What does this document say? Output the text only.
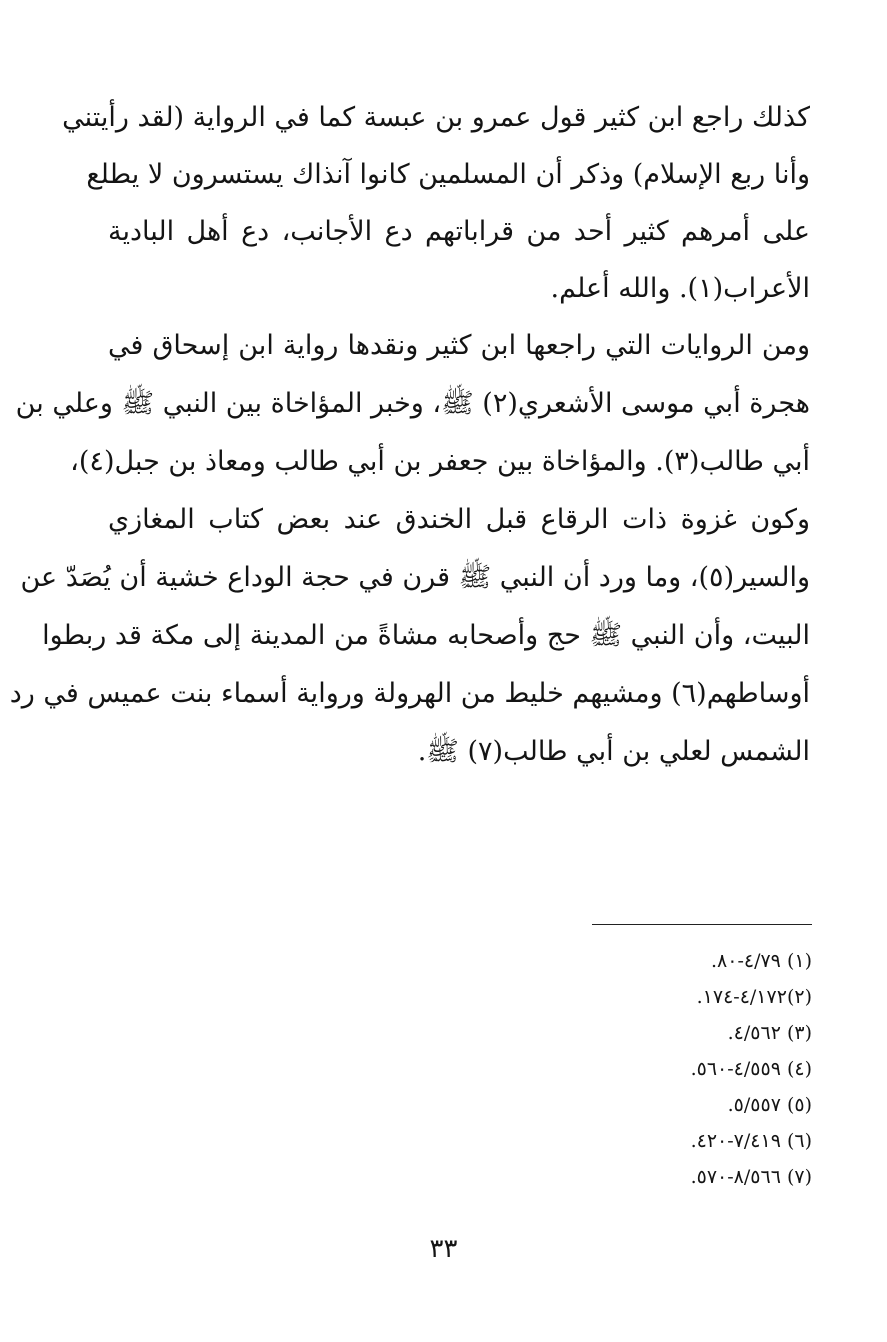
كذلك راجع ابن كثير قول عمرو بن عبسة كما في الرواية (لقد رأيتني
وأنا ربع الإسلام) وذكر أن المسلمين كانوا آنذاك يستسرون لا يطلع
على أمرهم كثير أحد من قراباتهم دع الأجانب، دع أهل البادية
الأعراب(١). والله أعلم.
ومن الروايات التي راجعها ابن كثير ونقدها رواية ابن إسحاق في
هجرة أبي موسى الأشعري(٢) ﷺ، وخبر المؤاخاة بين النبي ﷺ وعلي بن
أبي طالب(٣). والمؤاخاة بين جعفر بن أبي طالب ومعاذ بن جبل(٤)،
وكون غزوة ذات الرقاع قبل الخندق عند بعض كتاب المغازي
والسير(٥)، وما ورد أن النبي ﷺ قرن في حجة الوداع خشية أن يُصَدّ عن
البيت، وأن النبي ﷺ حج وأصحابه مشاةً من المدينة إلى مكة قد ربطوا
أوساطهم(٦) ومشيهم خليط من الهرولة ورواية أسماء بنت عميس في رد
الشمس لعلي بن أبي طالب(٧) ﷺ.
(١) ٤/٧٩-٨٠.
(٢)٤/١٧٢-١٧٤.
(٣) ٤/٥٦٢.
(٤) ٤/٥٥٩-٥٦٠.
(٥) ٥/٥٥٧.
(٦) ٧/٤١٩-٤٢٠.
(٧) ٨/٥٦٦-٥٧٠.
٣٣
